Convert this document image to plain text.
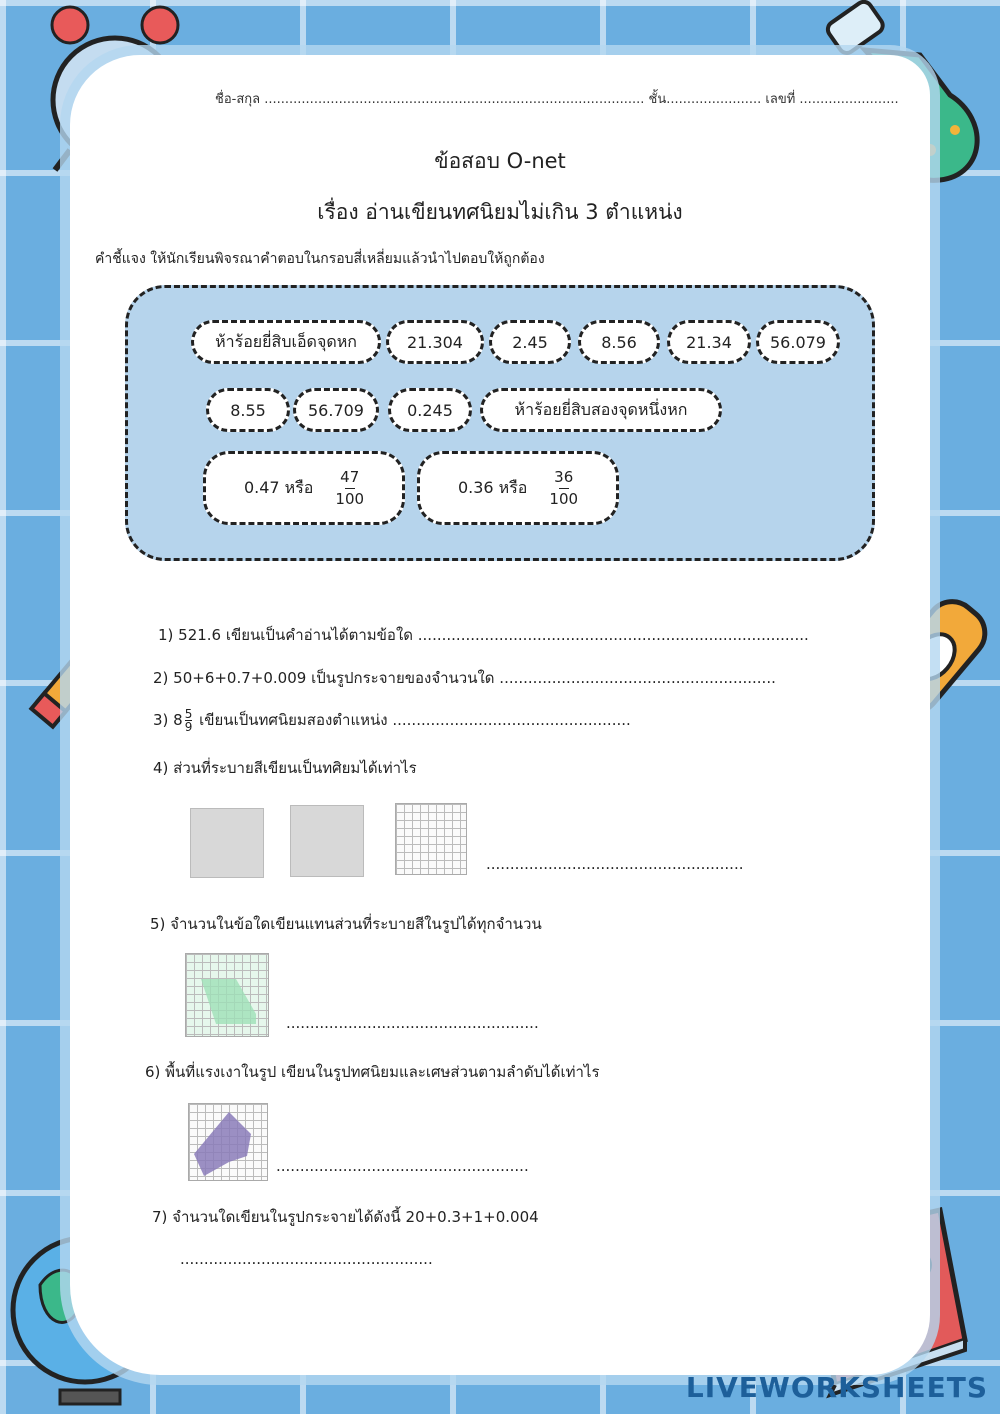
ชื่อ-สกุล ............................................................................................ ชั้น....................... เลขที่ ........................
ข้อสอบ O-net
เรื่อง อ่านเขียนทศนิยมไม่เกิน 3 ตำแหน่ง
คำชี้แจง ให้นักเรียนพิจรณาคำตอบในกรอบสี่เหลี่ยมแล้วนำไปตอบให้ถูกต้อง
ห้าร้อยยี่สิบเอ็ดจุดหก	21.304	2.45	8.56	21.34	56.079
8.55	56.709	0.245	ห้าร้อยยี่สิบสองจุดหนึ่งหก
0.47 หรือ $\frac{47}{100}$	0.36 หรือ $\frac{36}{100}$
1) 521.6 เขียนเป็นคำอ่านได้ตามข้อใด ..................................................................................
2) 50+6+0.7+0.009 เป็นรูปกระจายของจำนวนใด ..........................................................
3) $8 \frac{5}{9}$ เขียนเป็นทศนิยมสองตำแหน่ง ..................................................
4) ส่วนที่ระบายสีเขียนเป็นทศิยมได้เท่าไร
......................................................
5) จำนวนในข้อใดเขียนแทนส่วนที่ระบายสีในรูปได้ทุกจำนวน
.....................................................
6) พื้นที่แรงเงาในรูป เขียนในรูปทศนิยมและเศษส่วนตามลำดับได้เท่าไร
.....................................................
7) จำนวนใดเขียนในรูปกระจายได้ดังนี้ 20+0.3+1+0.004
.....................................................
LIVEWORKSHEETS
